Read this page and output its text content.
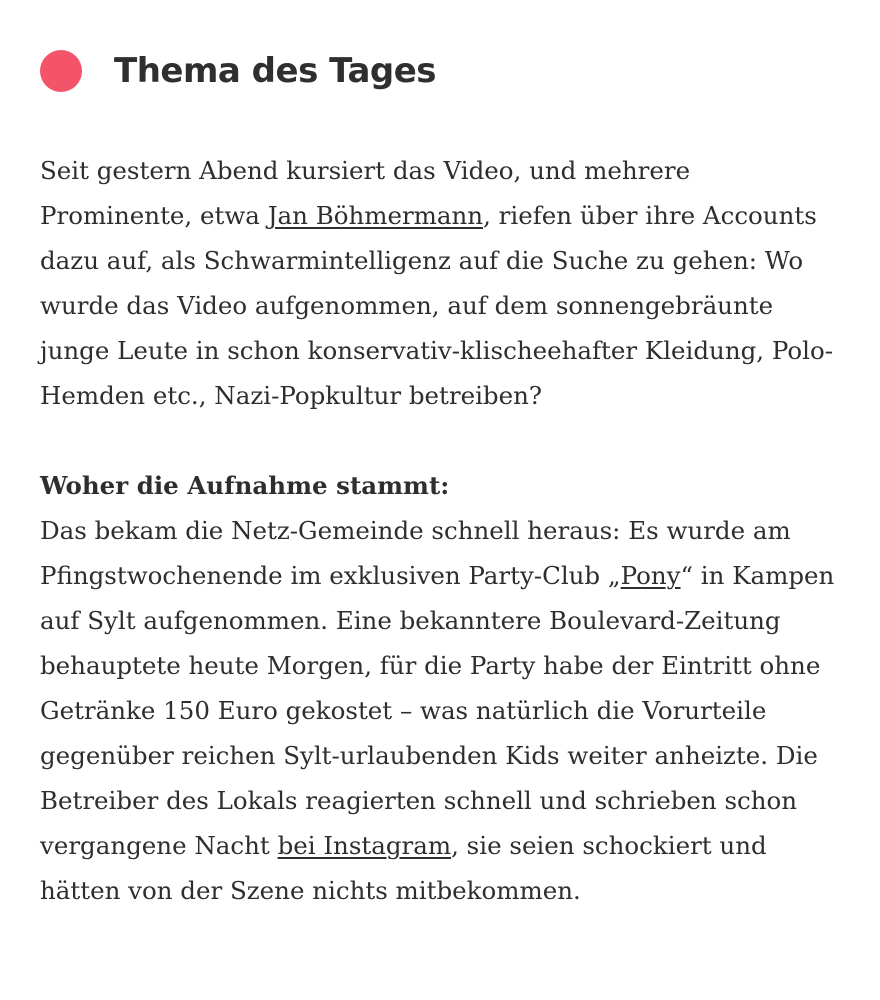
Thema des Tages

Seit gestern Abend kursiert das Video, und mehrere Prominente, etwa Jan Böhmermann, riefen über ihre Accounts dazu auf, als Schwarmintelligenz auf die Suche zu gehen: Wo wurde das Video aufgenommen, auf dem sonnengebräunte junge Leute in schon konservativ-klischeehafter Kleidung, Polo-Hemden etc., Nazi-Popkultur betreiben?

Woher die Aufnahme stammt:
Das bekam die Netz-Gemeinde schnell heraus: Es wurde am Pfingstwochenende im exklusiven Party-Club „Pony“ in Kampen auf Sylt aufgenommen. Eine bekanntere Boulevard-Zeitung behauptete heute Morgen, für die Party habe der Eintritt ohne Getränke 150 Euro gekostet – was natürlich die Vorurteile gegenüber reichen Sylt-urlaubenden Kids weiter anheizte. Die Betreiber des Lokals reagierten schnell und schrieben schon vergangene Nacht bei Instagram, sie seien schockiert und hätten von der Szene nichts mitbekommen.
